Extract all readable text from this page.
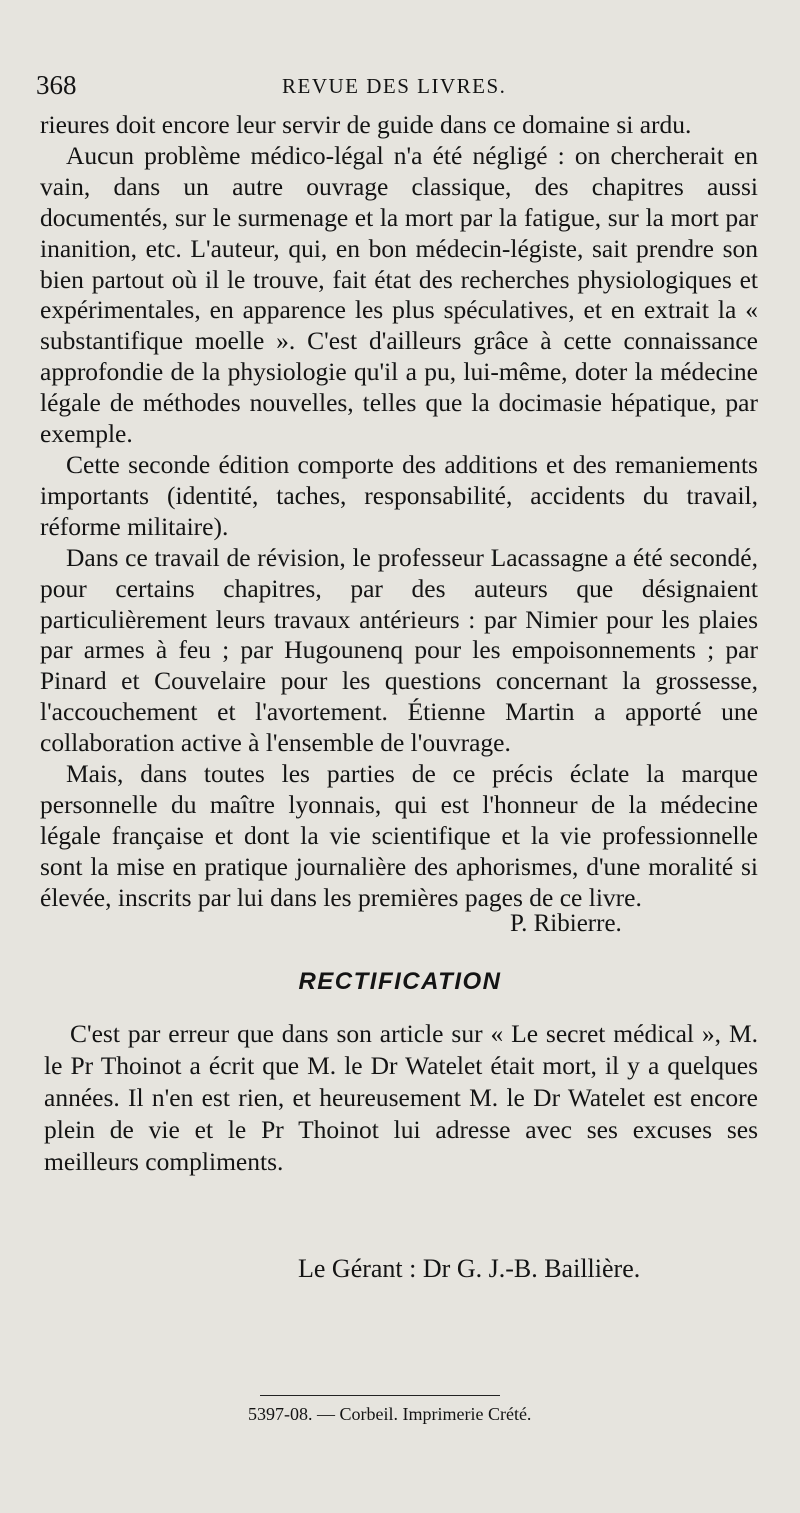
368	REVUE DES LIVRES.

rieures doit encore leur servir de guide dans ce domaine si ardu.

Aucun problème médico-légal n'a été négligé : on chercherait en vain, dans un autre ouvrage classique, des chapitres aussi documentés, sur le surmenage et la mort par la fatigue, sur la mort par inanition, etc. L'auteur, qui, en bon médecin-légiste, sait prendre son bien partout où il le trouve, fait état des recherches physiologiques et expérimentales, en apparence les plus spéculatives, et en extrait la « substantifique moelle ». C'est d'ailleurs grâce à cette connaissance approfondie de la physiologie qu'il a pu, lui-même, doter la médecine légale de méthodes nouvelles, telles que la docimasie hépatique, par exemple.

Cette seconde édition comporte des additions et des remaniements importants (identité, taches, responsabilité, accidents du travail, réforme militaire).

Dans ce travail de révision, le professeur Lacassagne a été secondé, pour certains chapitres, par des auteurs que désignaient particulièrement leurs travaux antérieurs : par Nimier pour les plaies par armes à feu ; par Hugounenq pour les empoisonnements ; par Pinard et Couvelaire pour les questions concernant la grossesse, l'accouchement et l'avortement. Étienne Martin a apporté une collaboration active à l'ensemble de l'ouvrage.

Mais, dans toutes les parties de ce précis éclate la marque personnelle du maître lyonnais, qui est l'honneur de la médecine légale française et dont la vie scientifique et la vie professionnelle sont la mise en pratique journalière des aphorismes, d'une moralité si élevée, inscrits par lui dans les premières pages de ce livre.

P. Ribierre.
RECTIFICATION

C'est par erreur que dans son article sur « Le secret médical », M. le Pr Thoinot a écrit que M. le Dr Watelet était mort, il y a quelques années. Il n'en est rien, et heureusement M. le Dr Watelet est encore plein de vie et le Pr Thoinot lui adresse avec ses excuses ses meilleurs compliments.

Le Gérant : Dr G. J.-B. Baillière.
5397-08. — Corbeil. Imprimerie Crété.
